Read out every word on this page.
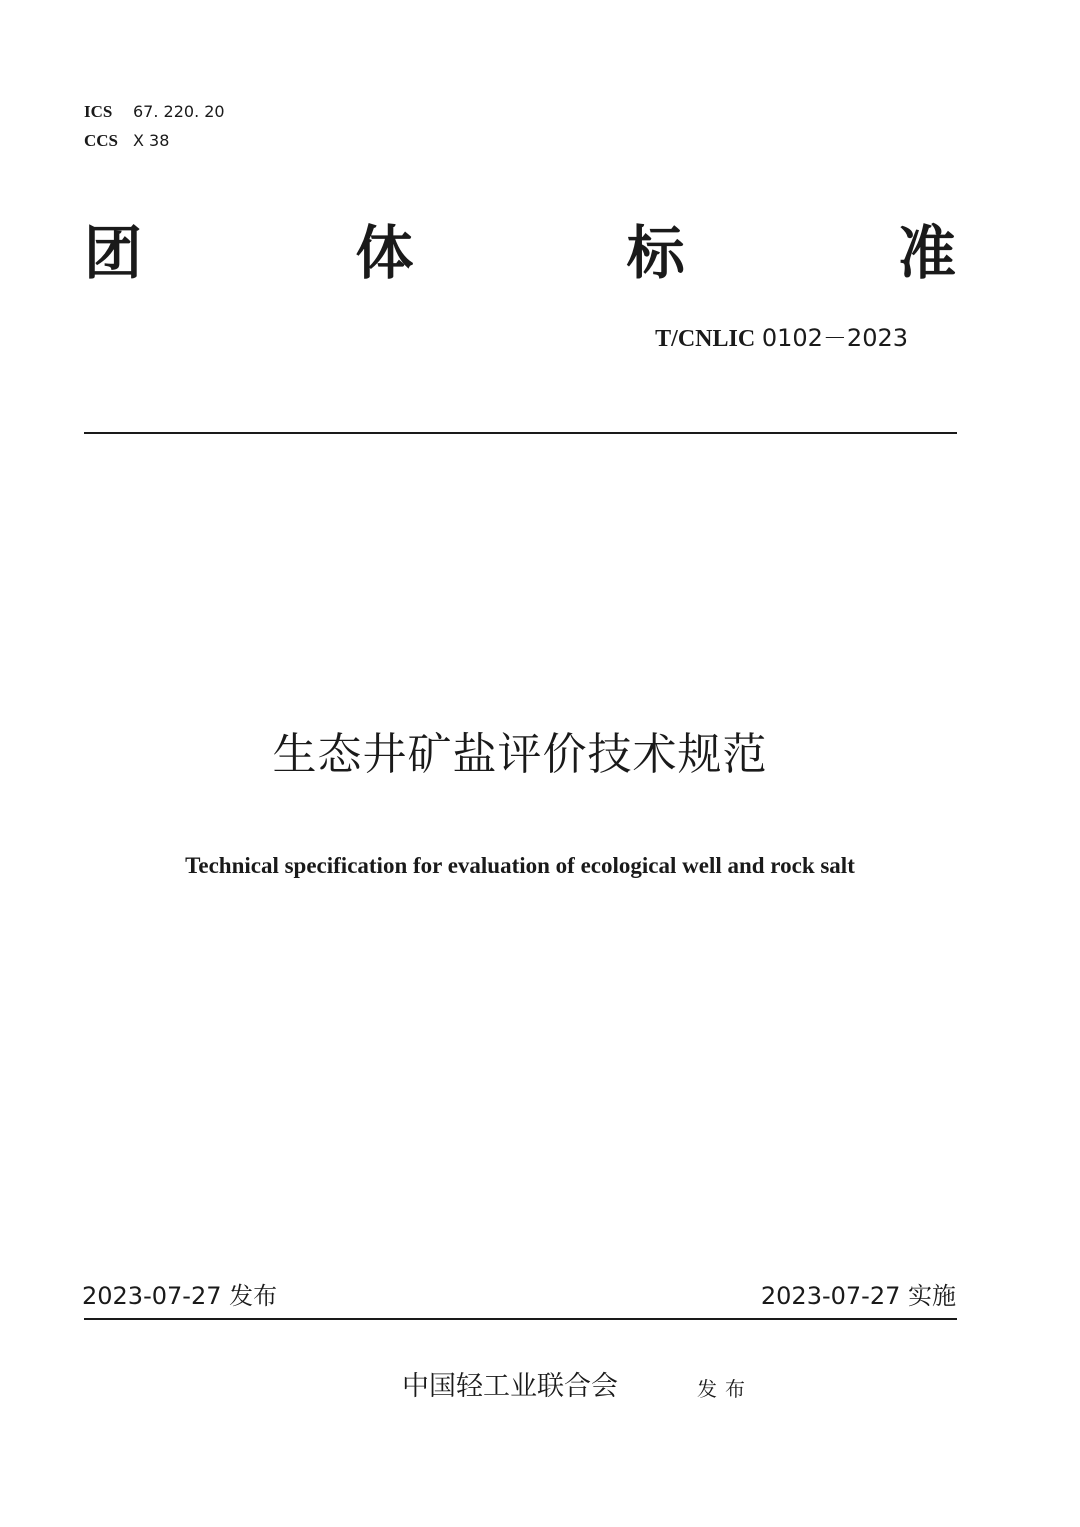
ICS 67. 220. 20
CCS X 38
团	体	标	准
T/CNLIC 0102－2023
生态井矿盐评价技术规范
Technical specification for evaluation of ecological well and rock salt
2023-07-27 发布	2023-07-27 实施
中国轻工业联合会	发布
